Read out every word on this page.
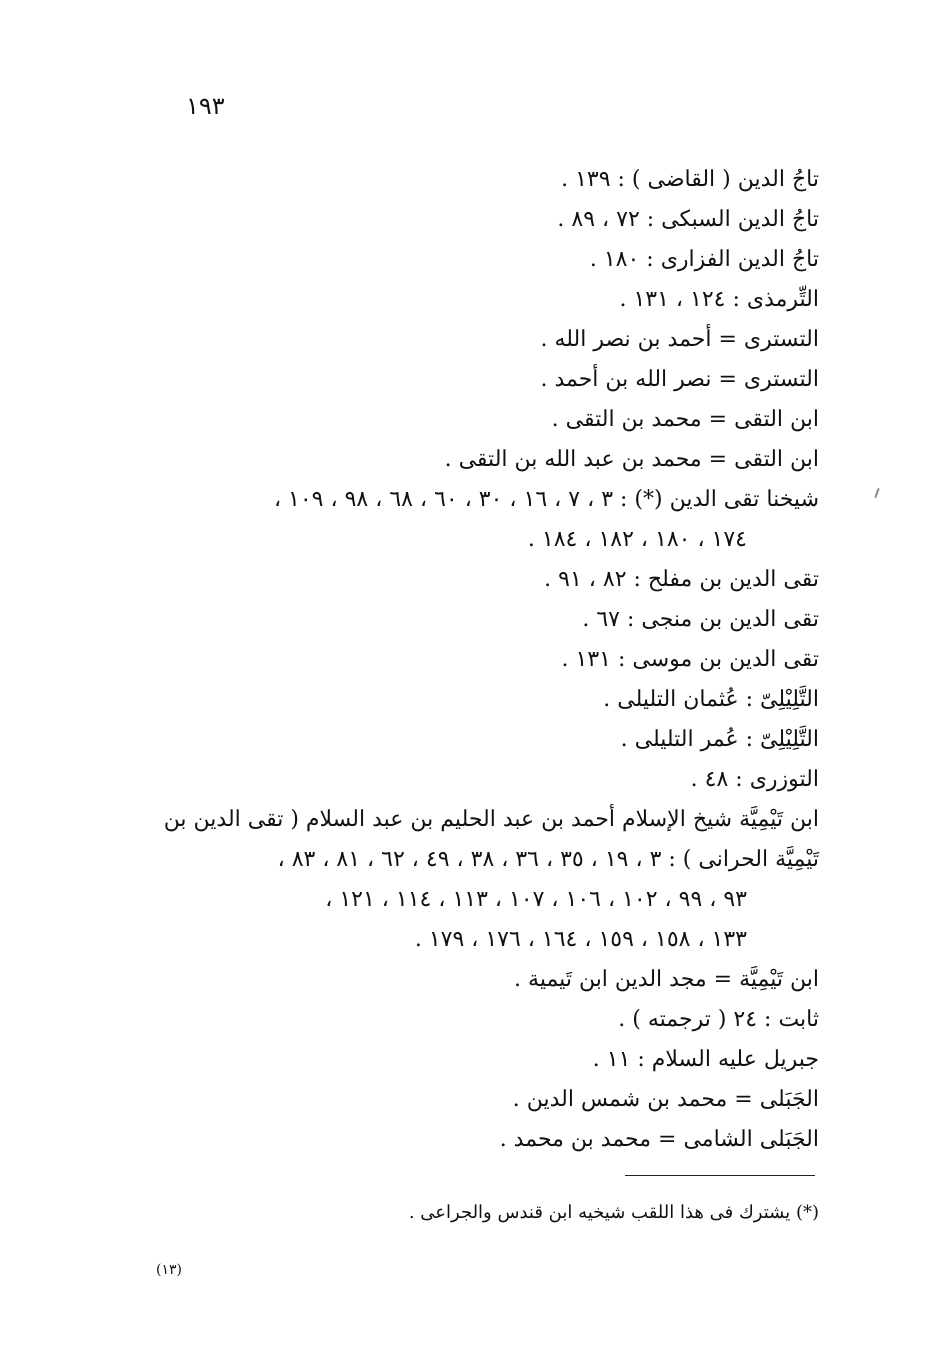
١٩٣

تاجُ الدين ( القاضى ) : ١٣٩ .

تاجُ الدين السبكى : ٧٢ ، ٨٩ .

تاجُ الدين الفزارى : ١٨٠ .

التِّرمذى : ١٢٤ ، ١٣١ .

التسترى = أحمد بن نصر الله .

التسترى = نصر الله بن أحمد .

ابن التقى = محمد بن التقى .

ابن التقى = محمد بن عبد الله بن التقى .

شيخنا تقى الدين (*) : ٣ ، ٧ ، ١٦ ، ٣٠ ، ٦٠ ، ٦٨ ، ٩٨ ، ١٠٩ ،

١٧٤ ، ١٨٠ ، ١٨٢ ، ١٨٤ .

تقى الدين بن مفلح : ٨٢ ، ٩١ .

تقى الدين بن منجى : ٦٧ .

تقى الدين بن موسى : ١٣١ .

التَّلِيْلِىّ : عُثمان التليلى .

التَّلِيْلِىّ : عُمر التليلى .

التوزرى : ٤٨ .

ابن تَيْمِيَّة شيخ الإسلام أحمد بن عبد الحليم بن عبد السلام ( تقى الدين بن

تَيْمِيَّة الحرانى ) : ٣ ، ١٩ ، ٣٥ ، ٣٦ ، ٣٨ ، ٤٩ ، ٦٢ ، ٨١ ، ٨٣ ،

٩٣ ، ٩٩ ، ١٠٢ ، ١٠٦ ، ١٠٧ ، ١١٣ ، ١١٤ ، ١٢١ ،

١٣٣ ، ١٥٨ ، ١٥٩ ، ١٦٤ ، ١٧٦ ، ١٧٩ .

ابن تَيْمِيَّة = مجد الدين ابن تَيمية .

ثابت : ٢٤ ( ترجمته ) .

جبريل عليه السلام : ١١ .

الجَبَلى = محمد بن شمس الدين .

الجَبَلى الشامى = محمد بن محمد .

(*) يشترك فى هذا اللقب شيخيه ابن قندس والجراعى .
(١٣)
